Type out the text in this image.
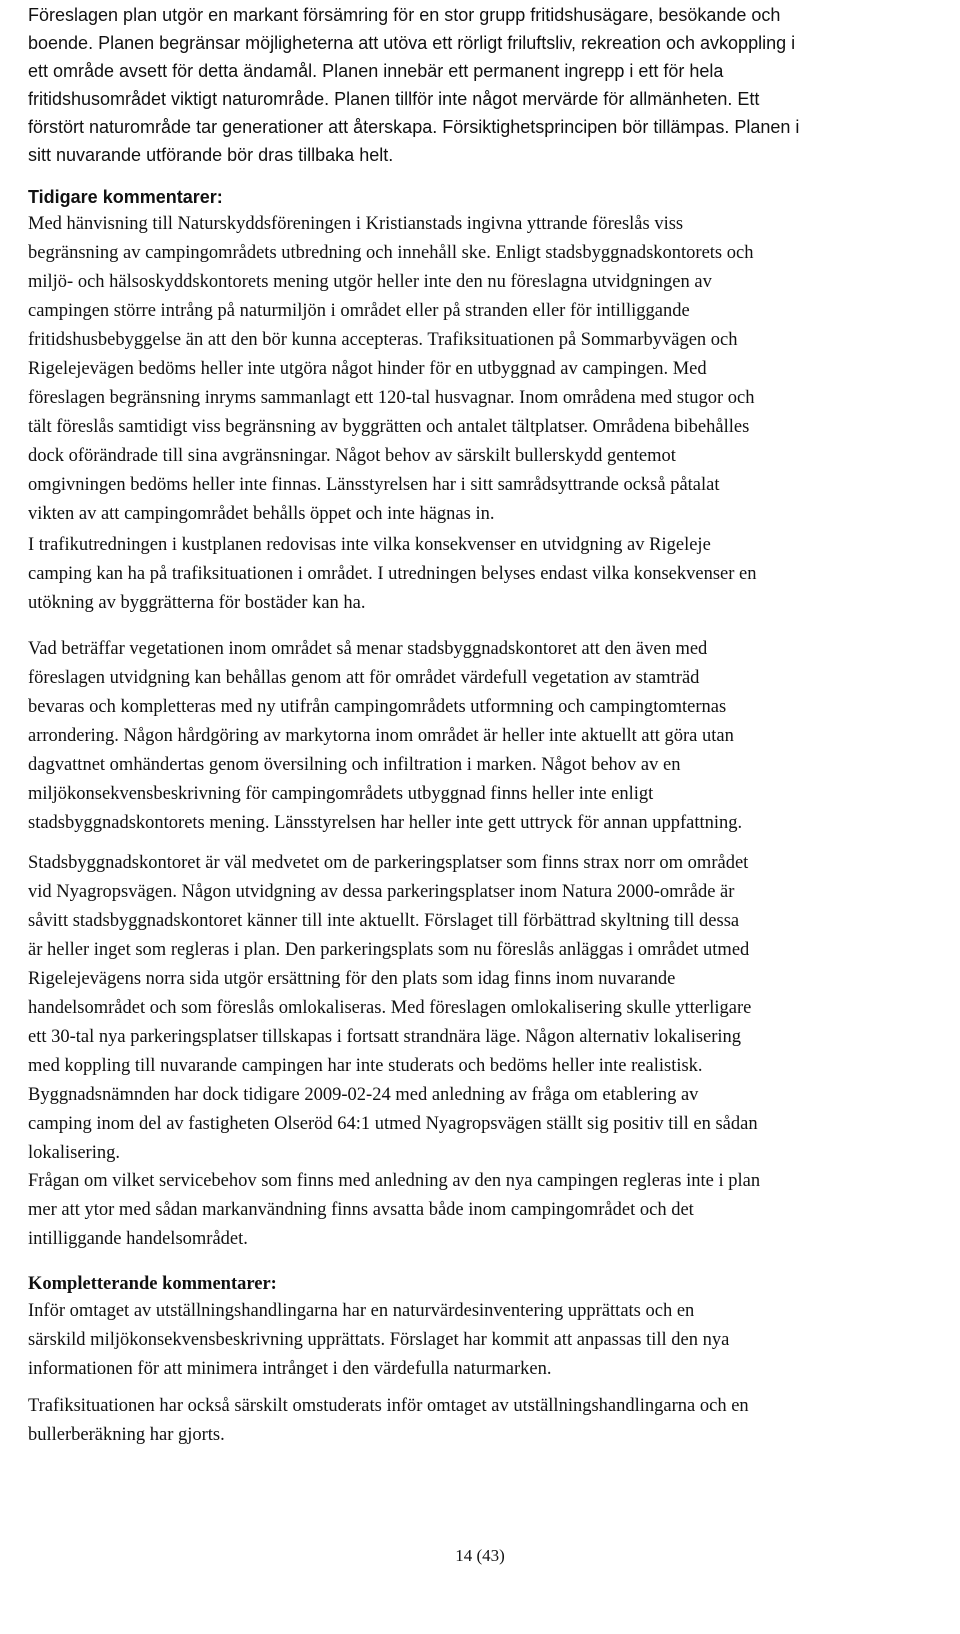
Föreslagen plan utgör en markant försämring för en stor grupp fritidshusägare, besökande och
boende. Planen begränsar möjligheterna att utöva ett rörligt friluftsliv, rekreation och avkoppling i
ett område avsett för detta ändamål. Planen innebär ett permanent ingrepp i ett för hela
fritidshusområdet viktigt naturområde. Planen tillför inte något mervärde för allmänheten. Ett
förstört naturområde tar generationer att återskapa. Försiktighetsprincipen bör tillämpas. Planen i
sitt nuvarande utförande bör dras tillbaka helt.

Tidigare kommentarer:

Med hänvisning till Naturskyddsföreningen i Kristianstads ingivna yttrande föreslås viss
begränsning av campingområdets utbredning och innehåll ske. Enligt stadsbyggnadskontorets och
miljö- och hälsoskyddskontorets mening utgör heller inte den nu föreslagna utvidgningen av
campingen större intrång på naturmiljön i området eller på stranden eller för intilliggande
fritidshusbebyggelse än att den bör kunna accepteras. Trafiksituationen på Sommarbyvägen och
Rigelejevägen bedöms heller inte utgöra något hinder för en utbyggnad av campingen. Med
föreslagen begränsning inryms sammanlagt ett 120-tal husvagnar. Inom områdena med stugor och
tält föreslås samtidigt viss begränsning av byggrätten och antalet tältplatser. Områdena bibehålles
dock oförändrade till sina avgränsningar. Något behov av särskilt bullerskydd gentemot
omgivningen bedöms heller inte finnas. Länsstyrelsen har i sitt samrådsyttrande också påtalat
vikten av att campingområdet behålls öppet och inte hägnas in.

I trafikutredningen i kustplanen redovisas inte vilka konsekvenser en utvidgning av Rigeleje
camping kan ha på trafiksituationen i området. I utredningen belyses endast vilka konsekvenser en
utökning av byggrätterna för bostäder kan ha.

Vad beträffar vegetationen inom området så menar stadsbyggnadskontoret att den även med
föreslagen utvidgning kan behållas genom att för området värdefull vegetation av stamträd
bevaras och kompletteras med ny utifrån campingområdets utformning och campingtomternas
arrondering. Någon hårdgöring av markytorna inom området är heller inte aktuellt att göra utan
dagvattnet omhändertas genom översilning och infiltration i marken. Något behov av en
miljökonsekvensbeskrivning för campingområdets utbyggnad finns heller inte enligt
stadsbyggnadskontorets mening. Länsstyrelsen har heller inte gett uttryck för annan uppfattning.

Stadsbyggnadskontoret är väl medvetet om de parkeringsplatser som finns strax norr om området
vid Nyagropsvägen. Någon utvidgning av dessa parkeringsplatser inom Natura 2000-område är
såvitt stadsbyggnadskontoret känner till inte aktuellt. Förslaget till förbättrad skyltning till dessa
är heller inget som regleras i plan. Den parkeringsplats som nu föreslås anläggas i området utmed
Rigelejevägens norra sida utgör ersättning för den plats som idag finns inom nuvarande
handelsområdet och som föreslås omlokaliseras. Med föreslagen omlokalisering skulle ytterligare
ett 30-tal nya parkeringsplatser tillskapas i fortsatt strandnära läge. Någon alternativ lokalisering
med koppling till nuvarande campingen har inte studerats och bedöms heller inte realistisk.
Byggnadsnämnden har dock tidigare 2009-02-24 med anledning av fråga om etablering av
camping inom del av fastigheten Olseröd 64:1 utmed Nyagropsvägen ställt sig positiv till en sådan
lokalisering.

Frågan om vilket servicebehov som finns med anledning av den nya campingen regleras inte i plan
mer att ytor med sådan markanvändning finns avsatta både inom campingområdet och det
intilliggande handelsområdet.

Kompletterande kommentarer:

Inför omtaget av utställningshandlingarna har en naturvärdesinventering upprättats och en
särskild miljökonsekvensbeskrivning upprättats. Förslaget har kommit att anpassas till den nya
informationen för att minimera intrånget i den värdefulla naturmarken.

Trafiksituationen har också särskilt omstuderats inför omtaget av utställningshandlingarna och en
bullerberäkning har gjorts.

14 (43)
